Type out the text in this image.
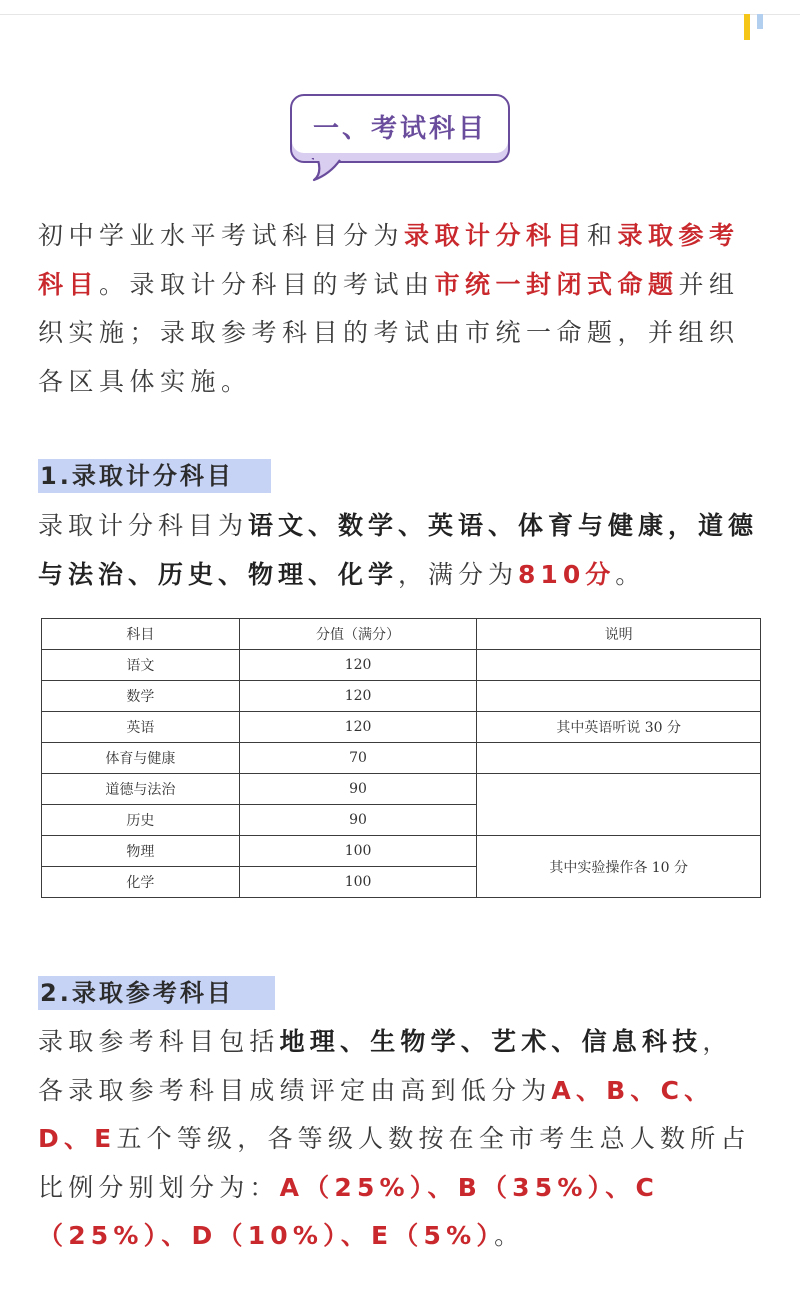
一、考试科目
初中学业水平考试科目分为录取计分科目和录取参考科目。录取计分科目的考试由市统一封闭式命题并组织实施；录取参考科目的考试由市统一命题，并组织各区具体实施。
1.录取计分科目
录取计分科目为语文、数学、英语、体育与健康，道德与法治、历史、物理、化学，满分为810分。
科目	分值（满分）	说明
语文	120	
数学	120	
英语	120	其中英语听说 30 分
体育与健康	70	
道德与法治	90	
历史	90	
物理	100	其中实验操作各 10 分
化学	100	
2.录取参考科目
录取参考科目包括地理、生物学、艺术、信息科技，各录取参考科目成绩评定由高到低分为A、B、C、D、E五个等级，各等级人数按在全市考生总人数所占比例分别划分为：A（25%）、B（35%）、C（25%）、D（10%）、E（5%）。
